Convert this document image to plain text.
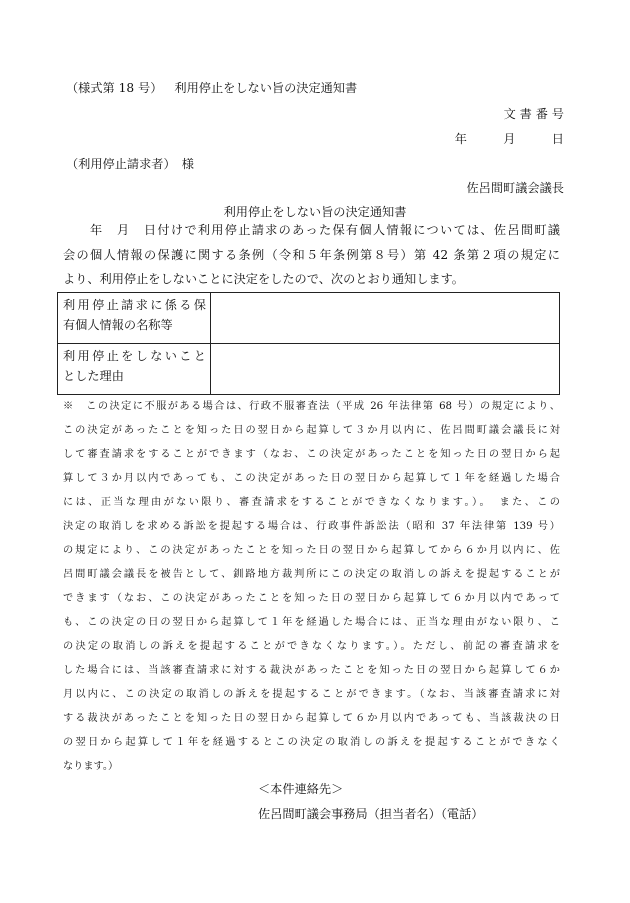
（様式第 18 号） 利用停止をしない旨の決定通知書
文 書 番 号
年　　月　　日
（利用停止請求者）　様
佐呂間町議会議長
利用停止をしない旨の決定通知書
年　月　日付けで利用停止請求のあった保有個人情報については、佐呂間町議
会の個人情報の保護に関する条例（令和５年条例第８号）第 42 条第２項の規定に
より、利用停止をしないことに決定をしたので、次のとおり通知します。
利用停止請求に係る保
有個人情報の名称等	

利用停止をしないこと
とした理由	

※　この決定に不服がある場合は、行政不服審査法（平成 26 年法律第 68 号）の規定により、
この決定があったことを知った日の翌日から起算して３か月以内に、佐呂間町議会議長に対
して審査請求をすることができます（なお、この決定があったことを知った日の翌日から起
算して３か月以内であっても、この決定があった日の翌日から起算して１年を経過した場合
には、正当な理由がない限り、審査請求をすることができなくなります。）。　また、この
決定の取消しを求める訴訟を提起する場合は、行政事件訴訟法（昭和 37 年法律第 139 号）
の規定により、この決定があったことを知った日の翌日から起算してから６か月以内に、佐
呂間町議会議長を被告として、釧路地方裁判所にこの決定の取消しの訴えを提起することが
できます（なお、この決定があったことを知った日の翌日から起算して６か月以内であって
も、この決定の日の翌日から起算して１年を経過した場合には、正当な理由がない限り、こ
の決定の取消しの訴えを提起することができなくなります。）。ただし、前記の審査請求を
した場合には、当該審査請求に対する裁決があったことを知った日の翌日から起算して６か
月以内に、この決定の取消しの訴えを提起することができます。（なお、当該審査請求に対
する裁決があったことを知った日の翌日から起算して６か月以内であっても、当該裁決の日
の翌日から起算して１年を経過するとこの決定の取消しの訴えを提起することができなく
なります。）
＜本件連絡先＞
佐呂間町議会事務局（担当者名）（電話）
